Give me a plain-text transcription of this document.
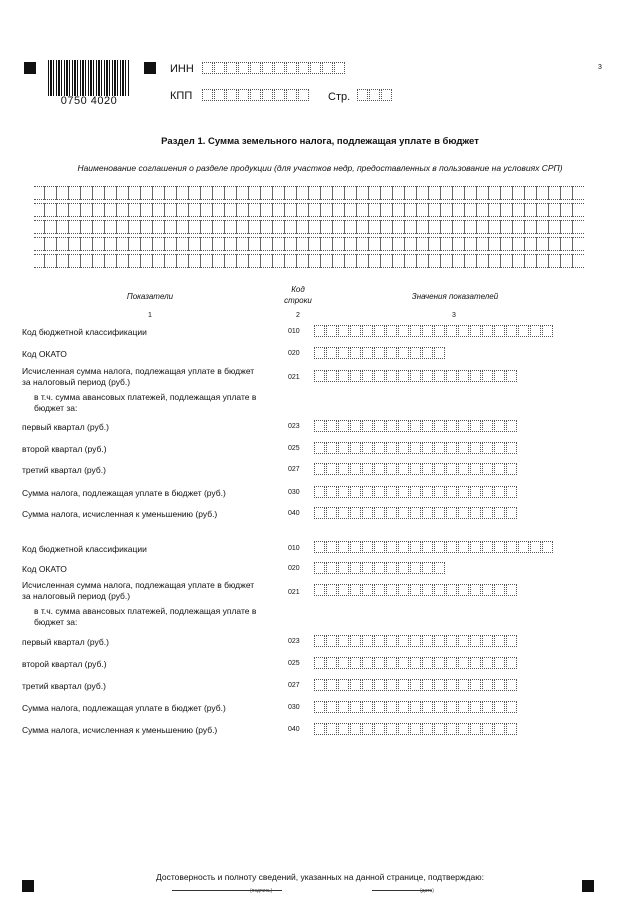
0750 4020
ИНН
КПП	Стр.
3
Раздел 1. Сумма земельного налога, подлежащая уплате в бюджет
Наименование соглашения о разделе продукции (для участков недр, предоставленных в пользование на условиях СРП)
Показатели
Код строки	Значения показателей
1	2	3
Код бюджетной классификации	010
Код ОКАТО	020
Исчисленная сумма налога, подлежащая уплате в бюджет за налоговый период (руб.)	021
в т.ч. сумма авансовых платежей, подлежащая уплате в бюджет за:
первый квартал (руб.)	023
второй квартал (руб.)	025
третий квартал (руб.)	027
Сумма налога, подлежащая уплате в бюджет (руб.)	030
Сумма налога, исчисленная к уменьшению (руб.)	040
Код бюджетной классификации	010
Код ОКАТО	020
Исчисленная сумма налога, подлежащая уплате в бюджет за налоговый период (руб.)	021
в т.ч. сумма авансовых платежей, подлежащая уплате в бюджет за:
первый квартал (руб.)	023
второй квартал (руб.)	025
третий квартал (руб.)	027
Сумма налога, подлежащая уплате в бюджет (руб.)	030
Сумма налога, исчисленная к уменьшению (руб.)	040
Достоверность и полноту сведений, указанных на данной странице, подтверждаю:
(подпись)	(дата)
